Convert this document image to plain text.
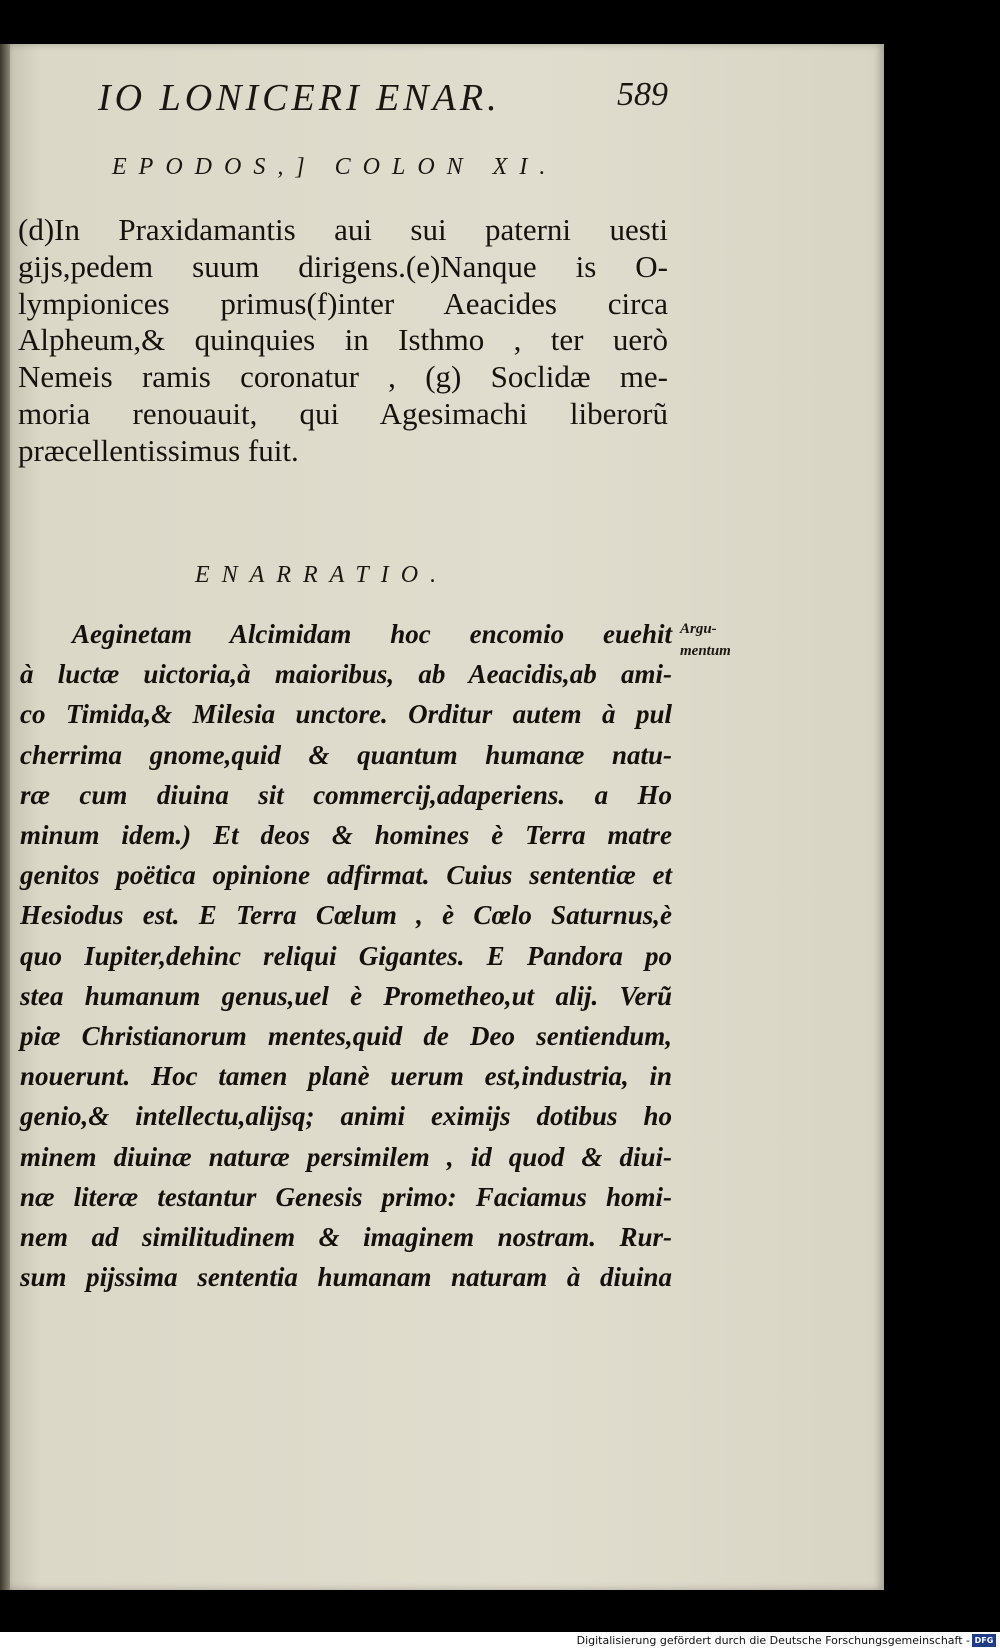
IO LONICERI ENAR.	589
EPODOS,] COLON XI.
(d)In Praxidamantis aui sui paterni uesti
gijs,pedem suum dirigens.(e)Nanque is O-
lympionices primus(f)inter Aeacides circa
Alpheum,& quinquies in Isthmo , ter uerò
Nemeis ramis coronatur , (g) Soclidæ me-
moria renouauit, qui Agesimachi liberorũ
præcellentissimus fuit.
ENARRATIO.
Argu-
mentum
Aeginetam Alcimidam hoc encomio euehit
à luctæ uictoria,à maioribus, ab Aeacidis,ab ami-
co Timida,& Milesia unctore. Orditur autem à pul
cherrima gnome,quid & quantum humanæ natu-
ræ cum diuina sit commercij,adaperiens. a Ho
minum idem.) Et deos & homines è Terra matre
genitos poëtica opinione adfirmat. Cuius sententiæ et
Hesiodus est. E Terra Cœlum , è Cœlo Saturnus,è
quo Iupiter,dehinc reliqui Gigantes. E Pandora po
stea humanum genus,uel è Prometheo,ut alij. Verũ
piæ Christianorum mentes,quid de Deo sentiendum,
nouerunt. Hoc tamen planè uerum est,industria, in
genio,& intellectu,alijsq; animi eximijs dotibus ho
minem diuinæ naturæ persimilem , id quod & diui-
næ literæ testantur Genesis primo: Faciamus homi-
nem ad similitudinem & imaginem nostram. Rur-
sum pijssima sententia humanam naturam à diuina
Digitalisierung gefördert durch die Deutsche Forschungsgemeinschaft - DFG
